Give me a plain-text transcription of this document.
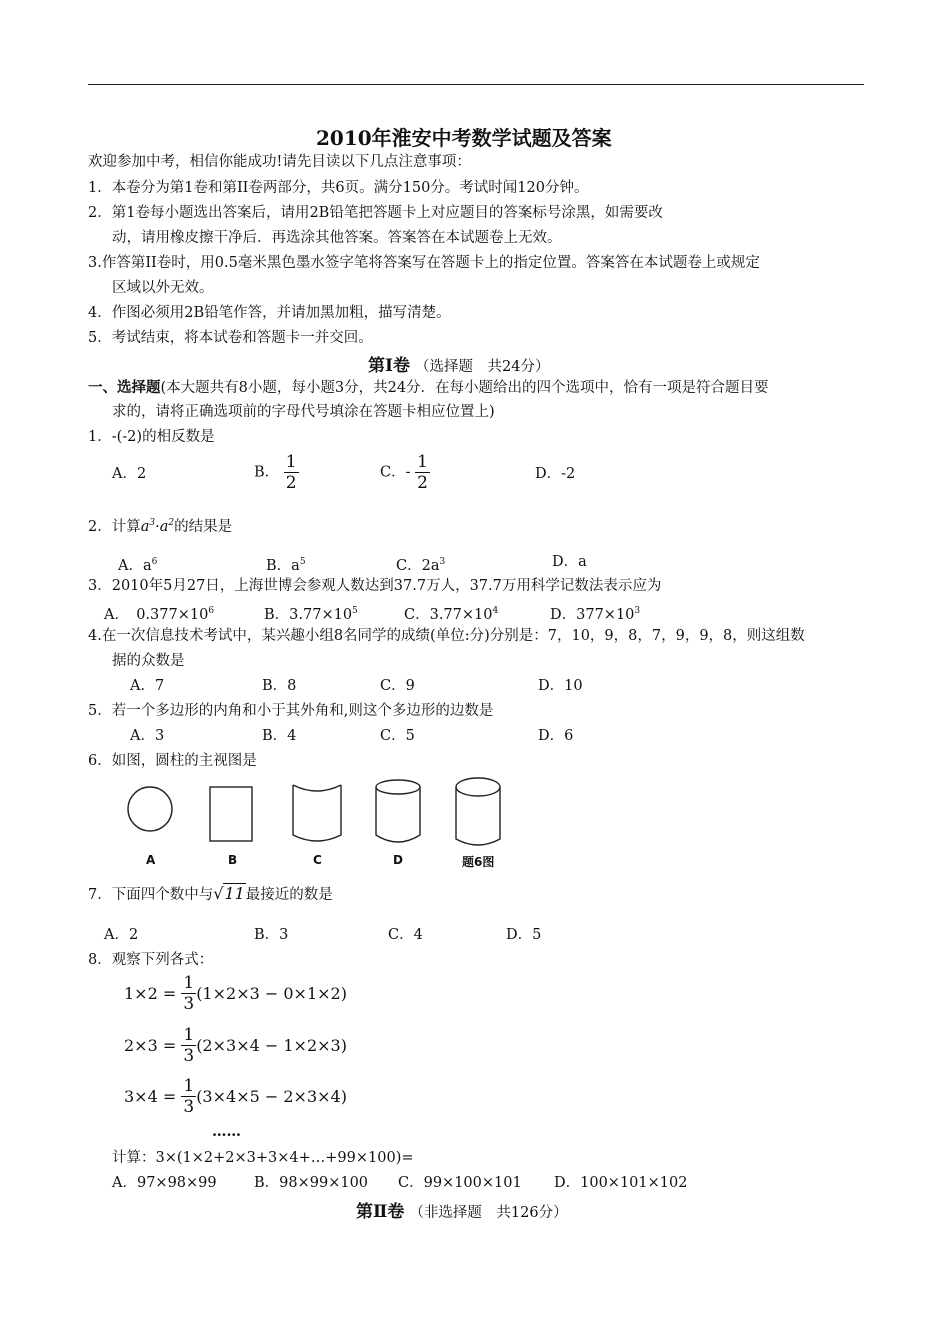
2010年淮安中考数学试题及答案
欢迎参加中考，相信你能成功!请先目读以下几点注意事项：
1．本卷分为第1卷和第II卷两部分，共6页。满分150分。考试时闻120分钟。
2．第1卷每小题选出答案后，请用2B铅笔把答题卡上对应题目的答案标号涂黑，如需要改
动，请用橡皮擦干净后．再选涂其他答案。答案答在本试题卷上无效。
3.作答第II卷时，用0.5毫米黑色墨水签字笔将答案写在答题卡上的指定位置。答案答在本试题卷上或规定
区域以外无效。
4．作图必须用2B铅笔作答，并请加黑加粗，描写清楚。
5．考试结束，将本试卷和答题卡一并交回。
第Ⅰ卷 （选择题　共24分）
一、选择题(本大题共有8小题，每小题3分，共24分．在每小题给出的四个选项中，恰有一项是符合题目要
求的，请将正确选项前的字母代号填涂在答题卡相应位置上)
1．-(-2)的相反数是
A．2	B． $\frac{1}{2}$	C．- $\frac{1}{2}$	D．-2
2．计算$a^3\cdot a^2$的结果是
A．$a^6$	B．$a^5$	C．$2a^3$	D．a
3．2010年5月27日，上海世博会参观人数达到37.7万人，37.7万用科学记数法表示应为
A．　$0.377\times 10^6$	B．$3.77\times 10^5$	C．$3.77\times 10^4$	D．$377\times 10^3$
4.在一次信息技术考试中，某兴趣小组8名同学的成绩(单位:分)分别是：7，10，9，8，7，9，9，8，则这组数
据的众数是
A．7	B．8	C．9	D．10
5．若一个多边形的内角和小于其外角和,则这个多边形的边数是
A．3	B．4	C．5	D．6
6．如图，圆柱的主视图是
A	B	C	D	题6图
7．下面四个数中与√11最接近的数是
A．2	B．3	C．4	D．5
8．观察下列各式：
$1\times 2 = \frac{1}{3} (1\times 2\times 3 - 0\times 1\times 2)$
$2\times 3 = \frac{1}{3} (2\times 3\times 4 - 1\times 2\times 3)$
$3\times 4 = \frac{1}{3} (3\times 4\times 5 - 2\times 3\times 4)$
……
计算：3×(1×2+2×3+3×4+…+99×100)=
A．97×98×99	B．98×99×100 C．99×100×101 D．100×101×102
第Ⅱ卷 （非选择题　共126分）
